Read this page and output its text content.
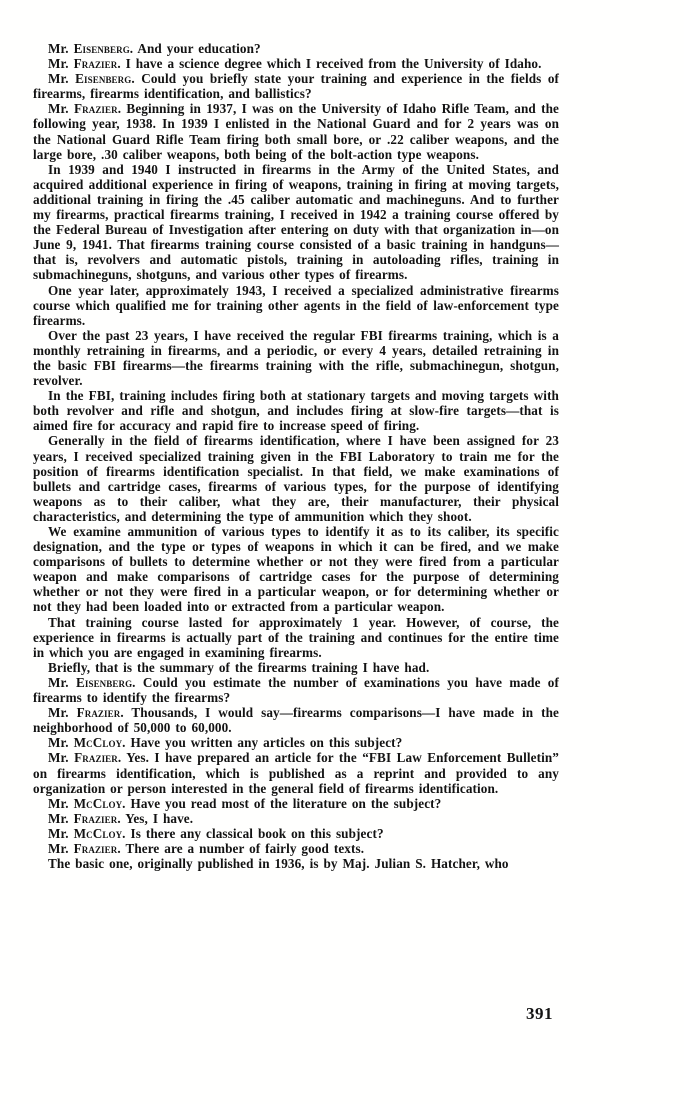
Mr. Eisenberg. And your education?

Mr. Frazier. I have a science degree which I received from the University of Idaho.

Mr. Eisenberg. Could you briefly state your training and experience in the fields of firearms, firearms identification, and ballistics?

Mr. Frazier. Beginning in 1937, I was on the University of Idaho Rifle Team, and the following year, 1938. In 1939 I enlisted in the National Guard and for 2 years was on the National Guard Rifle Team firing both small bore, or .22 caliber weapons, and the large bore, .30 caliber weapons, both being of the bolt-action type weapons.

In 1939 and 1940 I instructed in firearms in the Army of the United States, and acquired additional experience in firing of weapons, training in firing at moving targets, additional training in firing the .45 caliber automatic and machineguns. And to further my firearms, practical firearms training, I received in 1942 a training course offered by the Federal Bureau of Investigation after entering on duty with that organization in—on June 9, 1941. That firearms training course consisted of a basic training in handguns—that is, revolvers and automatic pistols, training in autoloading rifles, training in submachineguns, shotguns, and various other types of firearms.

One year later, approximately 1943, I received a specialized administrative firearms course which qualified me for training other agents in the field of law-enforcement type firearms.

Over the past 23 years, I have received the regular FBI firearms training, which is a monthly retraining in firearms, and a periodic, or every 4 years, detailed retraining in the basic FBI firearms—the firearms training with the rifle, submachinegun, shotgun, revolver.

In the FBI, training includes firing both at stationary targets and moving targets with both revolver and rifle and shotgun, and includes firing at slow-fire targets—that is aimed fire for accuracy and rapid fire to increase speed of firing.

Generally in the field of firearms identification, where I have been assigned for 23 years, I received specialized training given in the FBI Laboratory to train me for the position of firearms identification specialist. In that field, we make examinations of bullets and cartridge cases, firearms of various types, for the purpose of identifying weapons as to their caliber, what they are, their manufacturer, their physical characteristics, and determining the type of ammunition which they shoot.

We examine ammunition of various types to identify it as to its caliber, its specific designation, and the type or types of weapons in which it can be fired, and we make comparisons of bullets to determine whether or not they were fired from a particular weapon and make comparisons of cartridge cases for the purpose of determining whether or not they were fired in a particular weapon, or for determining whether or not they had been loaded into or extracted from a particular weapon.

That training course lasted for approximately 1 year. However, of course, the experience in firearms is actually part of the training and continues for the entire time in which you are engaged in examining firearms.

Briefly, that is the summary of the firearms training I have had.

Mr. Eisenberg. Could you estimate the number of examinations you have made of firearms to identify the firearms?

Mr. Frazier. Thousands, I would say—firearms comparisons—I have made in the neighborhood of 50,000 to 60,000.

Mr. McCloy. Have you written any articles on this subject?

Mr. Frazier. Yes. I have prepared an article for the “FBI Law Enforcement Bulletin” on firearms identification, which is published as a reprint and provided to any organization or person interested in the general field of firearms identification.

Mr. McCloy. Have you read most of the literature on the subject?

Mr. Frazier. Yes, I have.

Mr. McCloy. Is there any classical book on this subject?

Mr. Frazier. There are a number of fairly good texts.

The basic one, originally published in 1936, is by Maj. Julian S. Hatcher, who

391
